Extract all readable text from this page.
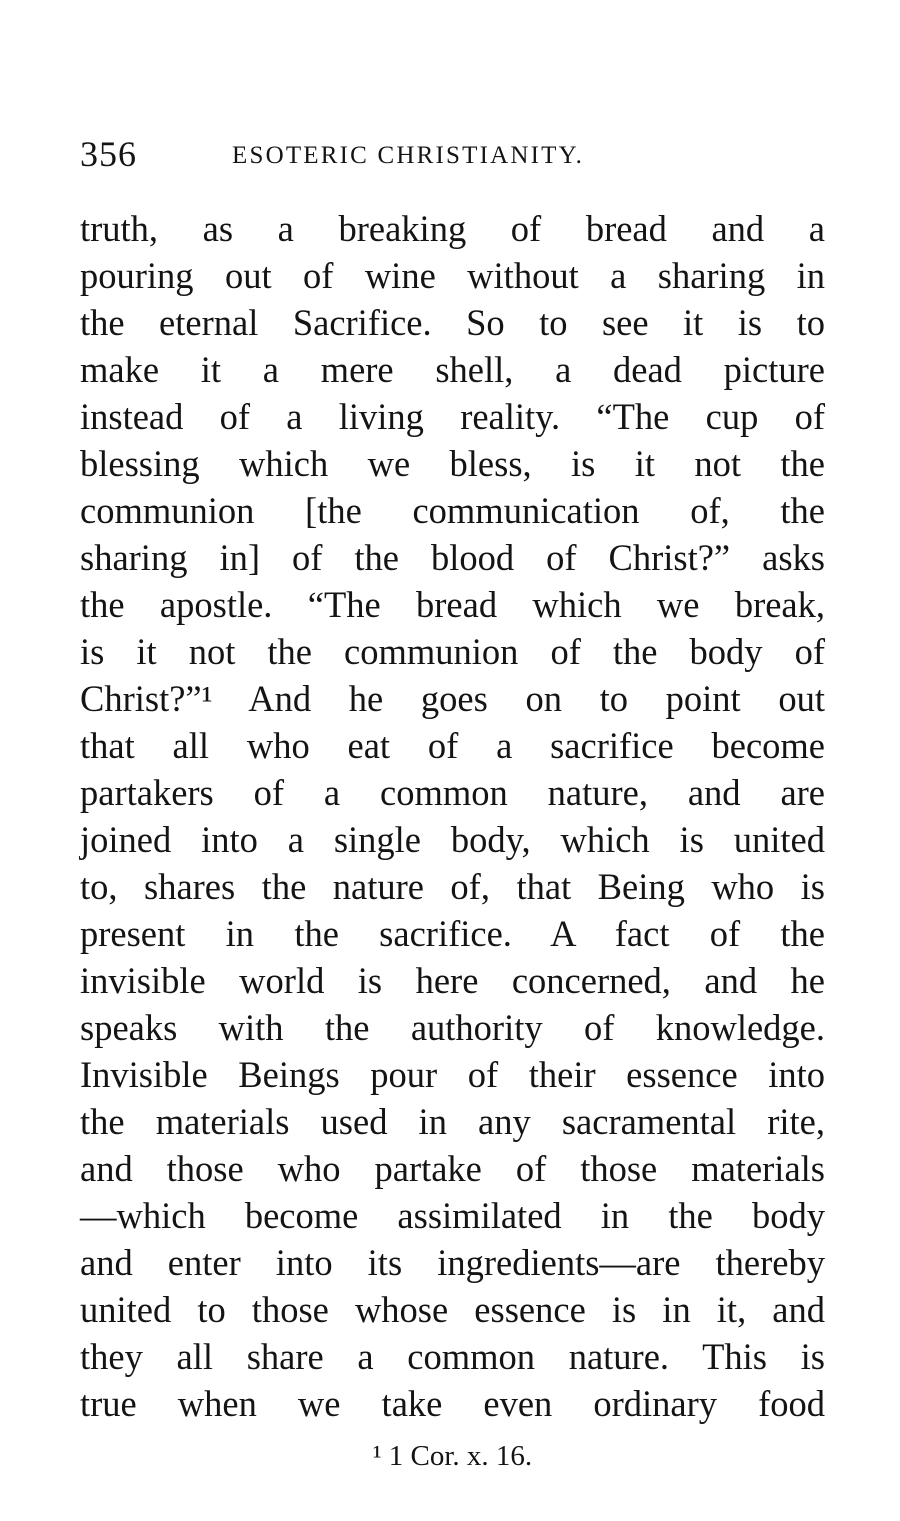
356	ESOTERIC CHRISTIANITY.
truth, as a breaking of bread and a
pouring out of wine without a sharing in
the eternal Sacrifice. So to see it is to
make it a mere shell, a dead picture
instead of a living reality. “The cup of
blessing which we bless, is it not the
communion [the communication of, the
sharing in] of the blood of Christ?” asks
the apostle. “The bread which we break,
is it not the communion of the body of
Christ?”¹ And he goes on to point out
that all who eat of a sacrifice become
partakers of a common nature, and are
joined into a single body, which is united
to, shares the nature of, that Being who is
present in the sacrifice. A fact of the
invisible world is here concerned, and he
speaks with the authority of knowledge.
Invisible Beings pour of their essence into
the materials used in any sacramental rite,
and those who partake of those materials
—which become assimilated in the body
and enter into its ingredients—are thereby
united to those whose essence is in it, and
they all share a common nature. This is
true when we take even ordinary food
¹ 1 Cor. x. 16.
